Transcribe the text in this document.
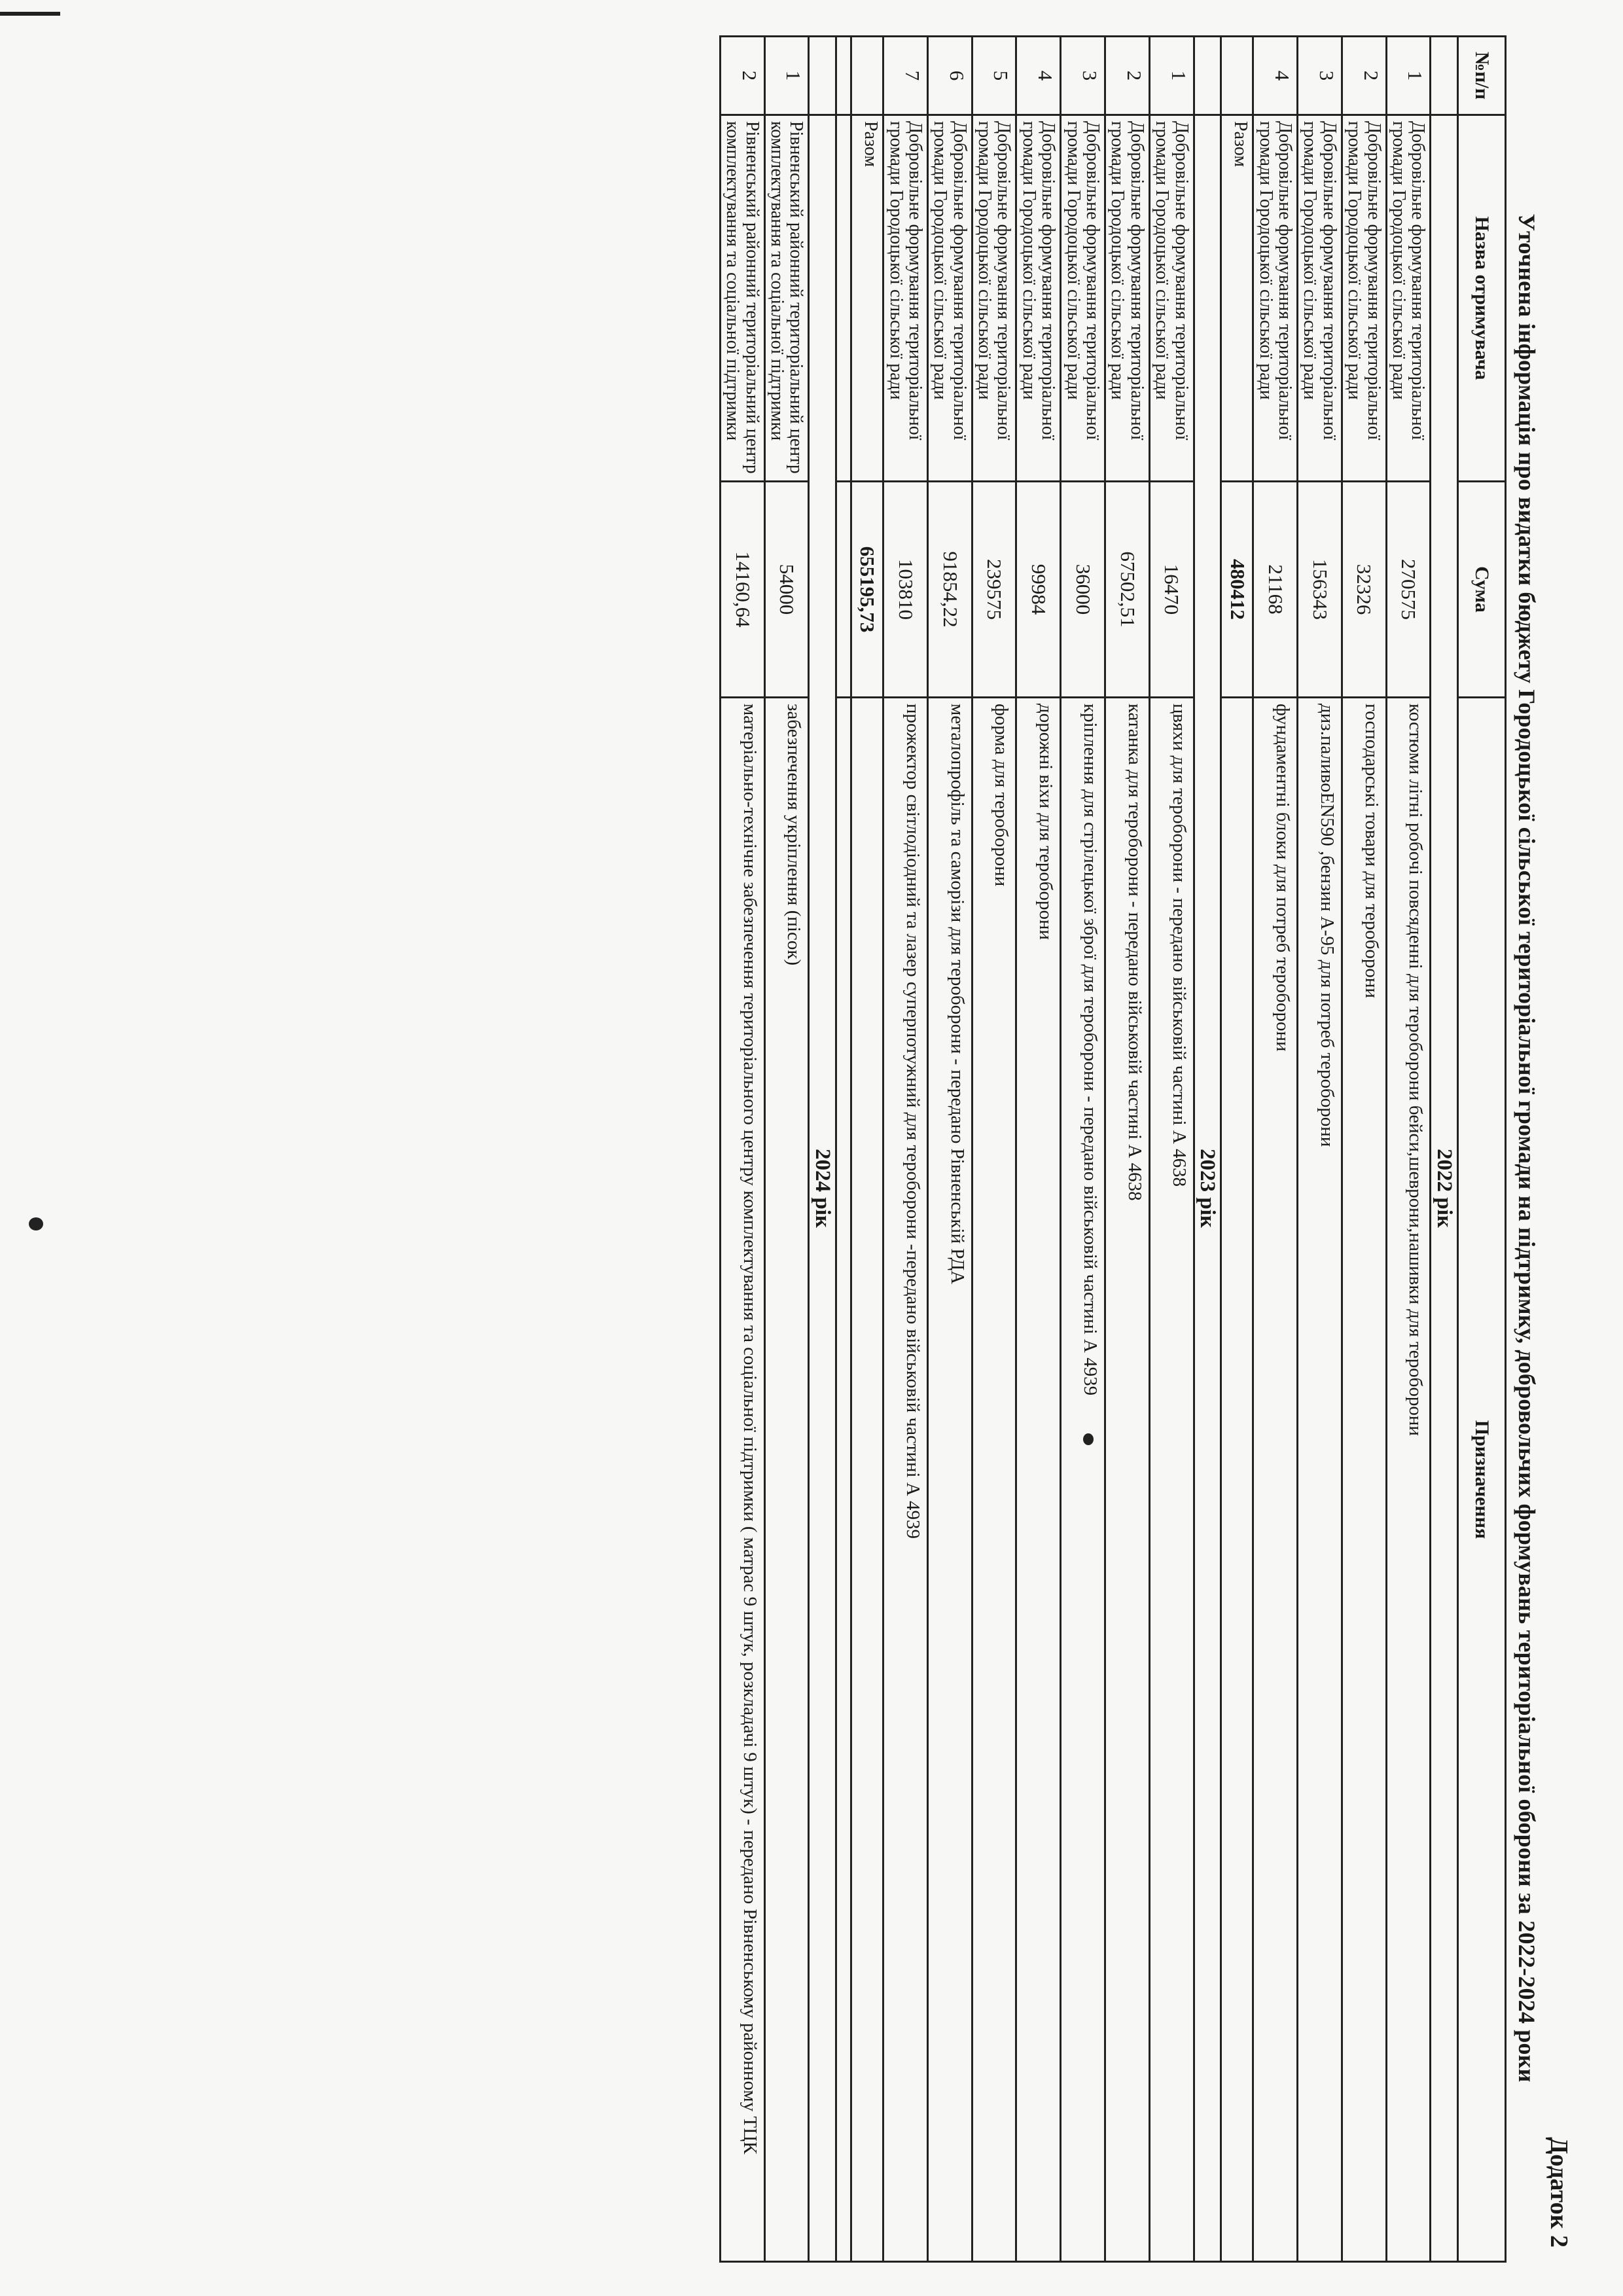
Додаток 2
Уточнена інформація про видатки бюджету Городоцької сільської територіальної громади на підтримку, добровольчих формувань територіальної оборони за 2022-2024 роки
№п/п	Назва отримувача	Сума	Призначення
	2022 рік		
1	Добровільне формування територіальної громади Городоцької сільської ради	270575	костюми літні робочі повсяденні для тероборони бейси,шеврони,нашивки для тероборони
2	Добровільне формування територіальної громади Городоцької сільської ради	32326	господарські товари для тероборони
3	Добровільне формування територіальної громади Городоцької сільської ради	156343	диз.паливоEN590 ,бензин А-95 для потреб тероборони
4	Добровільне формування територіальної громади Городоцької сільської ради	21168	фундаментні блоки для потреб тероборони
	Разом	480412	
	2023 рік		
1	Добровільне формування територіальної громади Городоцької сільської ради	16470	цвяхи для тероборони - передано військовій частині А 4638
2	Добровільне формування територіальної громади Городоцької сільської ради	67502,51	катанка для тероборони - передано військовій частині А 4638
3	Добровільне формування територіальної громади Городоцької сільської ради	36000	кріплення для стрілецької зброї для тероборони - передано військовій частині А 4939
4	Добровільне формування територіальної громади Городоцької сільської ради	99984	дорожні віхи для тероборони
5	Добровільне формування територіальної громади Городоцької сільської ради	239575	форма для тероборони
6	Добровільне формування територіальної громади Городоцької сільської ради	91854,22	металопрофіль та саморізи для тероборони - передано Рівненській РДА
7	Добровільне формування територіальної громади Городоцької сільської ради	103810	прожектор світлодіодний та лазер суперпотужний для тероборони -передано військовій частині А 4939
	Разом	655195,73	

	2024 рік		
1	Рівненський районний територіальний центр комплектування та соціальної підтримки	54000	забезпечення укріплення (пісок)
2	Рівненський районний територіальний центр комплектування та соціальної підтримки	14160,64	матеріально-технічне забезпечення територіального центру комплектування та соціальної підтримки ( матрас 9 штук, розкладачі 9 штук) - передано Рівненському районному ТЦК
